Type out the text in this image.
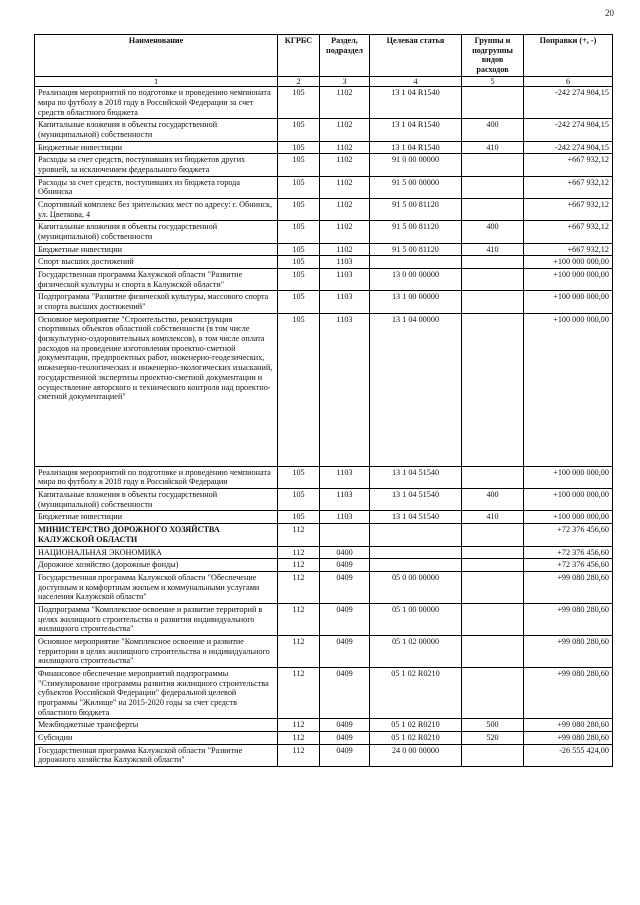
20
Наименование	КГРБС	Раздел, подраздел	Целевая статья	Группы и подгруппы видов расходов	Поправки (+, -)
1	2	3	4	5	6
Реализация мероприятий по подготовке и проведению чемпионата мира по футболу в 2018 году в Российской Федерации за счет средств областного бюджета	105	1102	13 1 04 R1540		-242 274 904,15
Капитальные вложения в объекты государственной (муниципальной) собственности	105	1102	13 1 04 R1540	400	-242 274 904,15
Бюджетные инвестиции	105	1102	13 1 04 R1540	410	-242 274 904,15
Расходы за счет средств, поступивших из бюджетов других уровней, за исключением федерального бюджета	105	1102	91 0 00 00000		+667 932,12
Расходы за счет средств, поступивших из бюджета города Обнинска	105	1102	91 5 00 00000		+667 932,12
Спортивный комплекс без зрительских мест по адресу: г. Обнинск, ул. Цветкова, 4	105	1102	91 5 00 81120		+667 932,12
Капитальные вложения в объекты государственной (муниципальной) собственности	105	1102	91 5 00 81120	400	+667 932,12
Бюджетные инвестиции	105	1102	91 5 00 81120	410	+667 932,12
Спорт высших достижений	105	1103			+100 000 000,00
Государственная программа Калужской области "Развитие физической культуры и спорта в Калужской области"	105	1103	13 0 00 00000		+100 000 000,00
Подпрограмма "Развитие физической культуры, массового спорта и спорта высших достижений"	105	1103	13 1 00 00000		+100 000 000,00
Основное мероприятие "Строительство, реконструкция спортивных объектов областной собственности (в том числе физкультурно-оздоровительных комплексов), в том числе оплата расходов на проведение изготовления проектно-сметной документации, предпроектных работ, инженерно-геодезических, инженерно-геологических и инженерно-экологических изысканий, государственной экспертизы проектно-сметной документации и осуществление авторского и технического контроля над проектно-сметной документацией"	105	1103	13 1 04 00000		+100 000 000,00
Реализация мероприятий по подготовке и проведению чемпионата мира по футболу в 2018 году в Российской Федерации	105	1103	13 1 04 51540		+100 000 000,00
Капитальные вложения в объекты государственной (муниципальной) собственности	105	1103	13 1 04 51540	400	+100 000 000,00
Бюджетные инвестиции	105	1103	13 1 04 51540	410	+100 000 000,00
МИНИСТЕРСТВО ДОРОЖНОГО ХОЗЯЙСТВА КАЛУЖСКОЙ ОБЛАСТИ	112				+72 376 456,60
НАЦИОНАЛЬНАЯ ЭКОНОМИКА	112	0400			+72 376 456,60
Дорожное хозяйство (дорожные фонды)	112	0409			+72 376 456,60
Государственная программа Калужской области "Обеспечение доступным и комфортным жильем и коммунальными услугами населения Калужской области"	112	0409	05 0 00 00000		+99 080 280,60
Подпрограмма "Комплексное освоение и развитие территорий в целях жилищного строительства и развития индивидуального жилищного строительства"	112	0409	05 1 00 00000		+99 080 280,60
Основное мероприятие "Комплексное освоение и развитие территории в целях жилищного строительства и индивидуального жилищного строительства"	112	0409	05 1 02 00000		+99 080 280,60
Финансовое обеспечение мероприятий подпрограммы "Стимулирование программы развития жилищного строительства субъектов Российской Федерации" федеральной целевой программы "Жилище" на 2015-2020 годы за счет средств областного бюджета	112	0409	05 1 02 R0210		+99 080 280,60
Межбюджетные трансферты	112	0409	05 1 02 R0210	500	+99 080 280,60
Субсидии	112	0409	05 1 02 R0210	520	+99 080 280,60
Государственная программа Калужской области "Развитие дорожного хозяйства Калужской области"	112	0409	24 0 00 00000		-26 555 424,00
